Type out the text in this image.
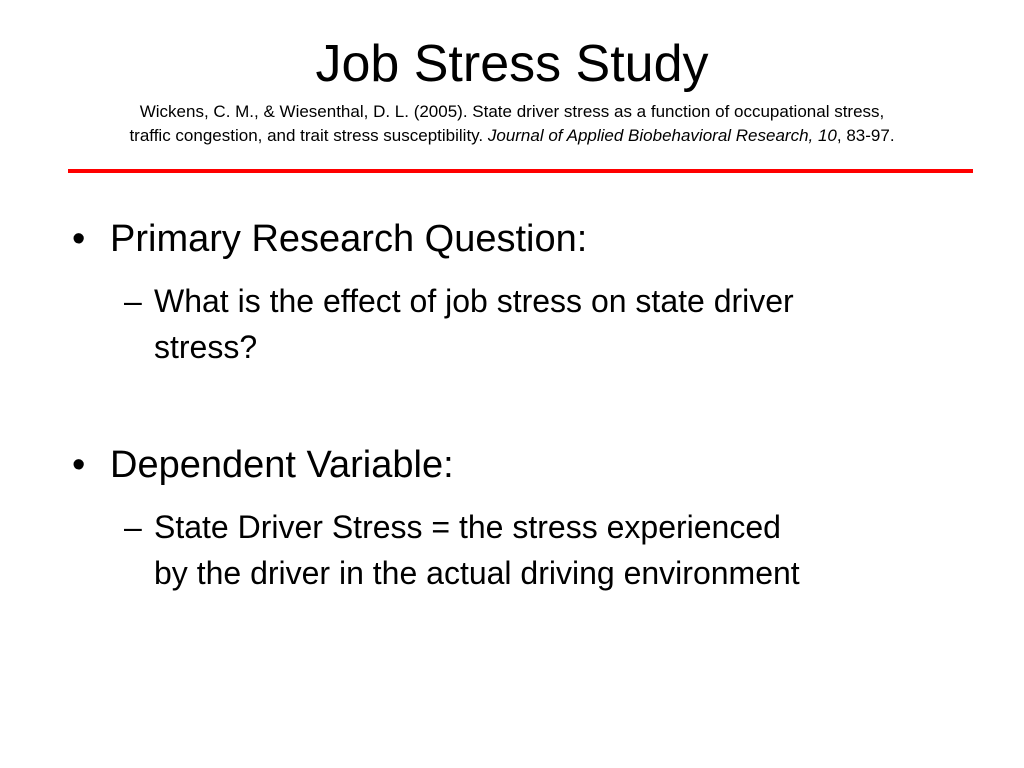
Job Stress Study
Wickens, C. M., & Wiesenthal, D. L. (2005). State driver stress as a function of occupational stress,
traffic congestion, and trait stress susceptibility. Journal of Applied Biobehavioral Research, 10, 83-97.
• Primary Research Question:
– What is the effect of job stress on state driver
stress?
• Dependent Variable:
– State Driver Stress = the stress experienced
by the driver in the actual driving environment
